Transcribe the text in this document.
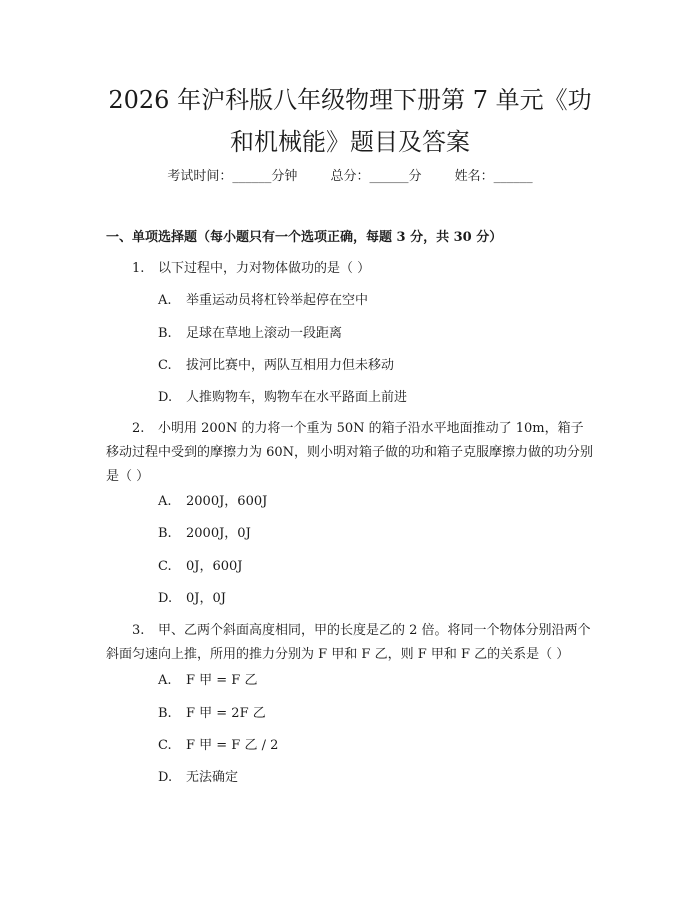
2026 年沪科版八年级物理下册第 7 单元《功
和机械能》题目及答案
考试时间：______分钟	总分：______分	姓名：______
一、单项选择题（每小题只有一个选项正确，每题 3 分，共 30 分）

1. 以下过程中，力对物体做功的是（ ）

A. 举重运动员将杠铃举起停在空中
B. 足球在草地上滚动一段距离
C. 拔河比赛中，两队互相用力但未移动
D. 人推购物车，购物车在水平路面上前进

2. 小明用 200N 的力将一个重为 50N 的箱子沿水平地面推动了 10m，箱子移动过程中受到的摩擦力为 60N，则小明对箱子做的功和箱子克服摩擦力做的功分别是（ ）

A. 2000J，600J
B. 2000J，0J
C. 0J，600J
D. 0J，0J

3. 甲、乙两个斜面高度相同，甲的长度是乙的 2 倍。将同一个物体分别沿两个斜面匀速向上推，所用的推力分别为 F 甲和 F 乙，则 F 甲和 F 乙的关系是（ ）

A. F 甲 = F 乙
B. F 甲 = 2F 乙
C. F 甲 = F 乙 / 2
D. 无法确定
